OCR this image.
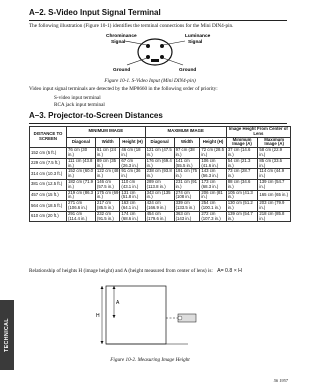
A–2. S-Video Input Signal Terminal
The following illustration (Figure 10-1) identifies the terminal connections for the Mini DIN4-pin.
Chrominance
Signal
Luminance
Signal
Ground	Ground
Figure 10-1. S-Video Input (Mini DIN4-pin)
Video input signal terminals are detected by the MP8660 in the following order of priority:
S-video input terminal
RCA jack input terminal
A–3. Projector-to-Screen Distances
DISTANCE TO SCREEN	MINIMUM IMAGE			MAXIMUM IMAGE			Image Height From Center of Lens	
	Diagonal	Width	Height (H)	Diagonal	Width	Height (H)	Minimum Image (A)	Maximum Image (A)
152 cm (5 ft.)	76 cm (30 in.)	61 cm (24 in.)	46 cm (18 in.)	121 cm (47.5 in.)	97 cm (38 in.)	72 cm (28.5 in.)	37 cm (14.6 in.)	58 cm (22.9 in.)
229 cm (7.5 ft.)	111 cm (43.8 in.)	89 cm (35 in.)	67 cm (26.3 in.)	176 cm (69.4 in.)	141 cm (55.5 in.)	106 cm (41.6 in.)	54 cm (21.3 in.)	85 cm (33.5 in.)
314 cm (10.3 ft.)	152 cm (60.0 in.)	122 cm (48 in.)	91 cm (36 in.)	238 cm (93.8 in.)	191 cm (75 in.)	143 cm (56.3 in.)	73 cm (28.7 in.)	114 cm (44.9 in.)
381 cm (12.5 ft.)	182 cm (71.9 in.)	146 cm (57.5 in.)	110 cm (43.1 in.)	289 cm (113.8 in.)	231 cm (91 in.)	173 cm (68.3 in.)	88 cm (34.6 in.)	139 cm (54.7 in.)
457 cm (15 ft.)	219 cm (86.3 in.)	175 cm (69 in.)	131 cm (51.8 in.)	343 cm (135 in.)	274 cm (108 in.)	206 cm (81 in.)	105 cm (41.3 in.)	165 cm (65 in.)
564 cm (18.5 ft.)	271 cm (106.6 in.)	217 cm (85.5 in.)	163 cm (64.1 in.)	424 cm (166.9 in.)	339 cm (133.5 in.)	254 cm (100.1 in.)	130 cm (51.2 in.)	203 cm (79.9 in.)
610 cm (20 ft.)	291 cm (114.4 in.)	232 cm (91.5 in.)	174 cm (68.6 in.)	454 cm (179.6 in.)	363 cm (143 in.)	272 cm (107.3 in.)	139 cm (54.7 in.)	218 cm (85.8 in.)
Relationship of heights H (image height) and A (height measured from center of lens) is: A= 0.8 × H
H
A
Figure 10-2. Measuring Image Height
TECHNICAL
56 1957
